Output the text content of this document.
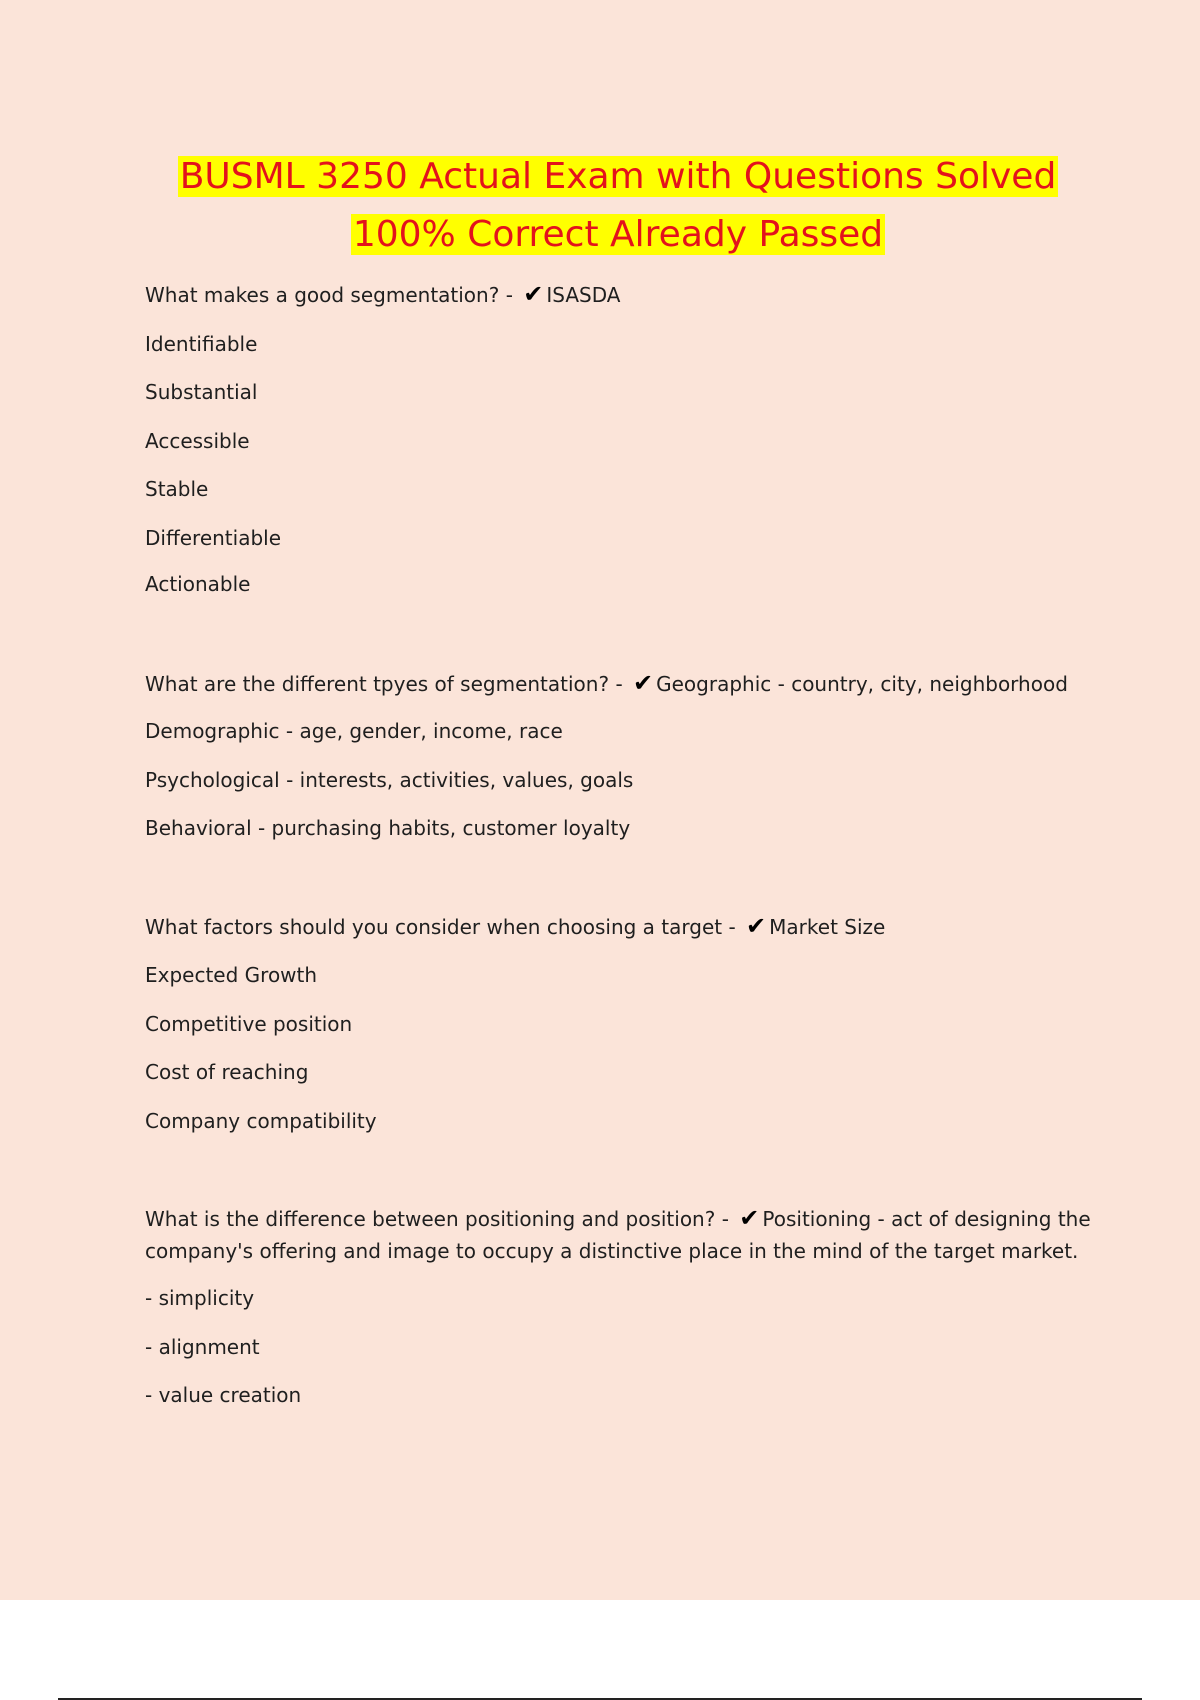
BUSML 3250 Actual Exam with Questions Solved
100% Correct Already Passed
What makes a good segmentation? - ✔ ISASDA
Identifiable
Substantial
Accessible
Stable
Differentiable
Actionable
What are the different tpyes of segmentation? - ✔ Geographic - country, city, neighborhood
Demographic - age, gender, income, race
Psychological - interests, activities, values, goals
Behavioral - purchasing habits, customer loyalty
What factors should you consider when choosing a target - ✔ Market Size
Expected Growth
Competitive position
Cost of reaching
Company compatibility
What is the difference between positioning and position? - ✔ Positioning - act of designing the company's offering and image to occupy a distinctive place in the mind of the target market.
- simplicity
- alignment
- value creation
